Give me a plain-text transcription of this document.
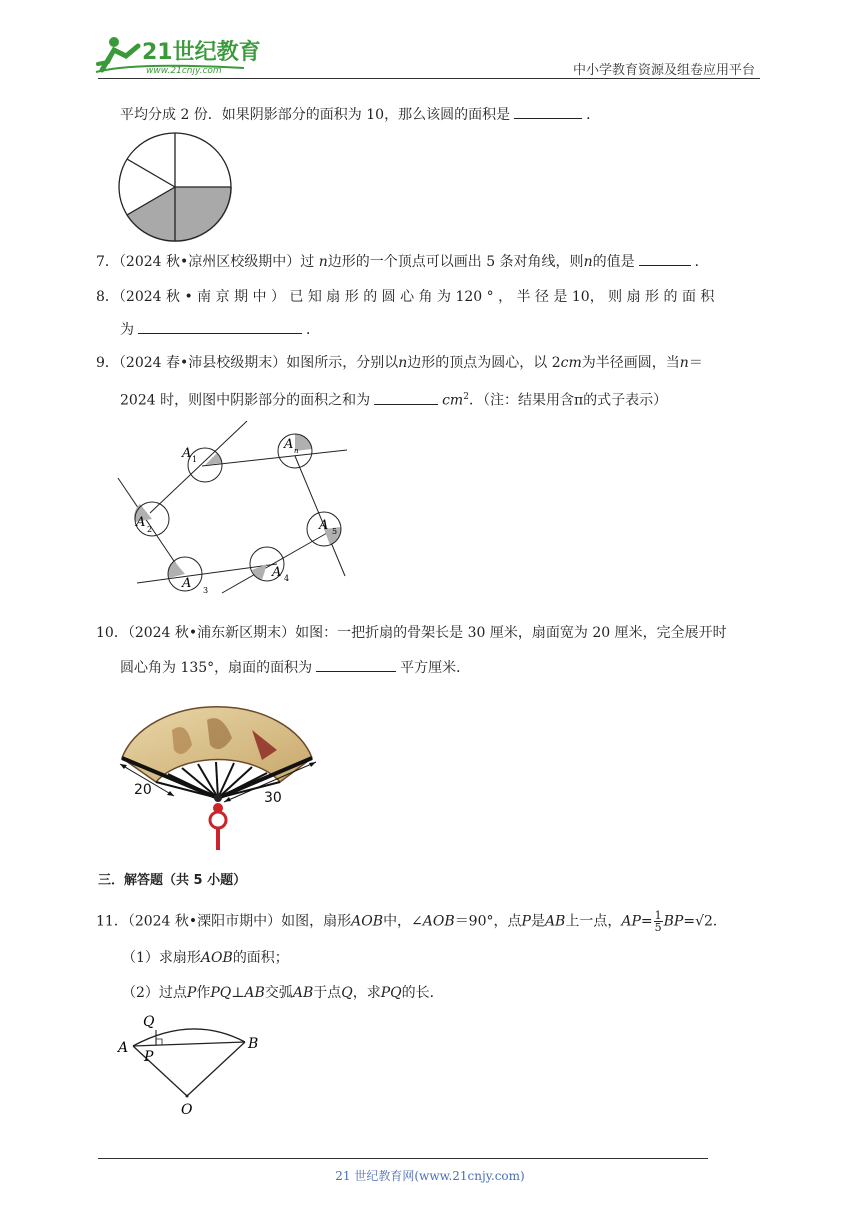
21世纪教育
www.21cnjy.com	中小学教育资源及组卷应用平台
平均分成 2 份．如果阴影部分的面积为 10，那么该圆的面积是	．
7．（2024 秋•凉州区校级期中）过 n边形的一个顶点可以画出 5 条对角线，则n的值是	．
8．（2024 秋 • 南 京 期 中 ） 已 知 扇 形 的 圆 心 角 为 120 ° ， 半 径 是 10， 则 扇 形 的 面 积
为	．
9．（2024 春•沛县校级期末）如图所示，分别以n边形的顶点为圆心，以 2cm为半径画圆，当n＝
2024 时，则图中阴影部分的面积之和为	$cm^2$．（注：结果用含π的式子表示）
A 1
A n
A 2
A 3
A 4
A 5
10．（2024 秋•浦东新区期末）如图：一把折扇的骨架长是 30 厘米，扇面宽为 20 厘米，完全展开时
圆心角为 135°，扇面的面积为	平方厘米．
20	30
三．解答题（共 5 小题）
11．（2024 秋•溧阳市期中）如图，扇形AOB中，∠AOB＝90°，点P是AB上一点，$AP= \frac{1}{5} BP=√2$．
（1）求扇形AOB的面积；
（2）过点P作PQ⊥AB交弧AB于点Q，求PQ的长．
Q
A
P
B
O
21 世纪教育网(www.21cnjy.com)
